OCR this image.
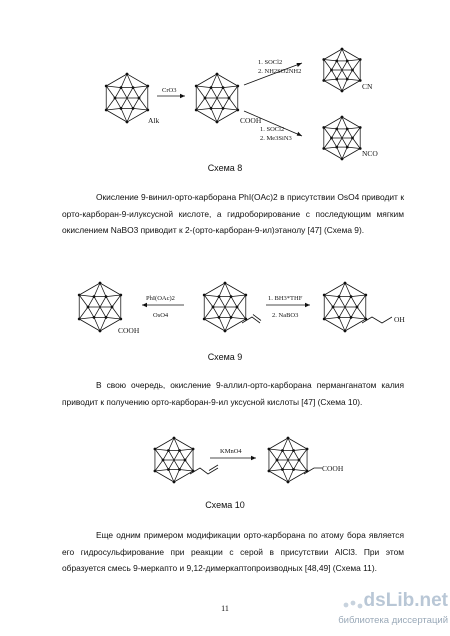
Alk
CrO3
COOH
1. SOCl2
2. NH2SO2NH2
1. SOCl2
2. Me3SiN3
CN
NCO
Схема 8

Окисление 9-винил-орто-карборана PhI(OAc)2 в присутствии OsO4 приводит к орто-карборан-9-илуксусной кислоте, а гидроборирование с последующим мягким окислением NaBO3 приводит к 2-(орто-карборан-9-ил)этанолу [47] (Схема 9).

COOH
PhI(OAc)2
OsO4
1. BH3*THF
2. NaBO3	OH
Схема 9

В свою очередь, окисление 9-аллил-орто-карборана перманганатом калия приводит к получению орто-карборан-9-ил уксусной кислоты [47] (Схема 10).

KMnO4
COOH
Схема 10

Еще одним примером модификации орто-карборана по атому бора является его гидросульфирование при реакции с серой в присутствии AlCl3. При этом образуется смесь 9-меркапто и 9,12-димеркаптопроизводных [48,49] (Схема 11).

11	dsLib.net
библиотека диссертаций
